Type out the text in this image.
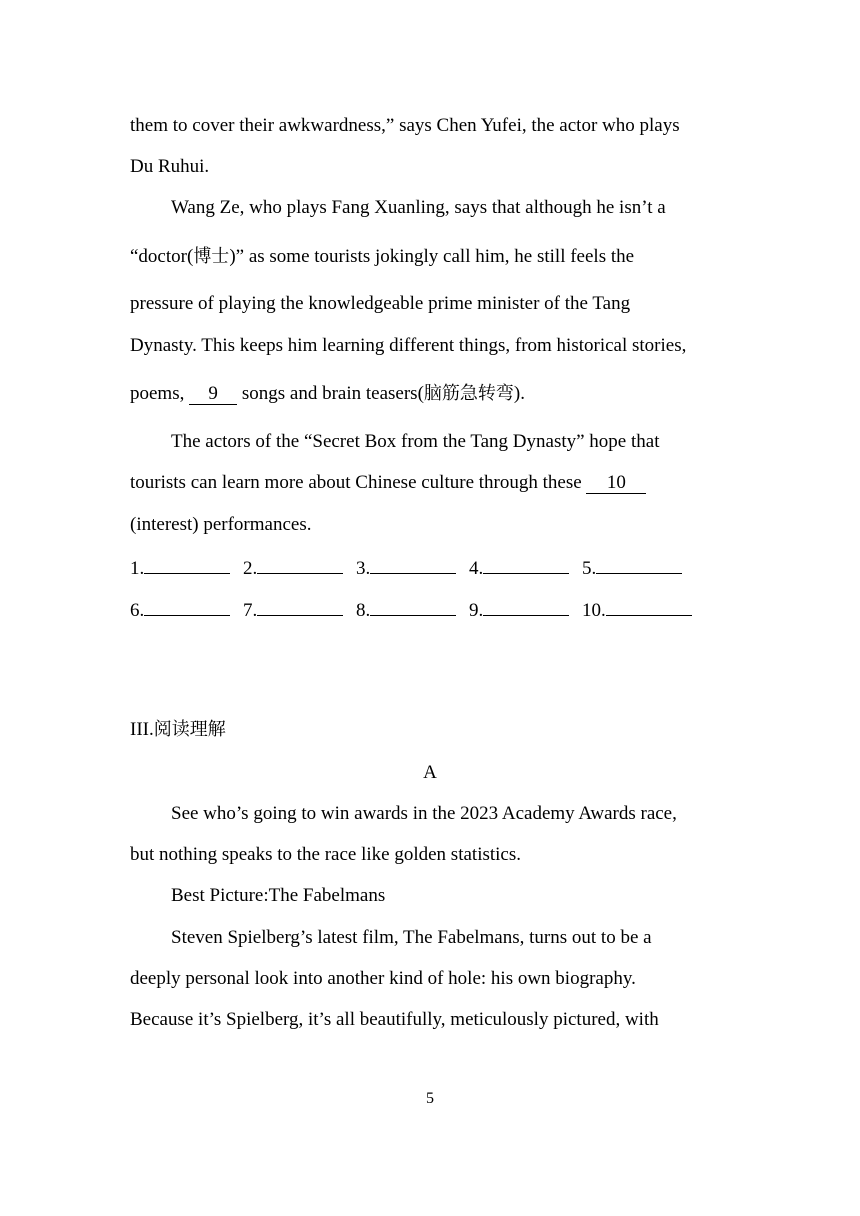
them to cover their awkwardness,” says Chen Yufei, the actor who plays
Du Ruhui.
Wang Ze, who plays Fang Xuanling, says that although he isn’t a
“doctor(博士)” as some tourists jokingly call him, he still feels the
pressure of playing the knowledgeable prime minister of the Tang
Dynasty. This keeps him learning different things, from historical stories,
poems, 9 songs and brain teasers(脑筋急转弯).
The actors of the “Secret Box from the Tang Dynasty” hope that
tourists can learn more about Chinese culture through these 10
(interest) performances.
1.	2.	3.	4.	5.
6.	7.	8.	9.	10.
III.阅读理解
A
See who’s going to win awards in the 2023 Academy Awards race,
but nothing speaks to the race like golden statistics.
Best Picture:The Fabelmans
Steven Spielberg’s latest film, The Fabelmans, turns out to be a
deeply personal look into another kind of hole: his own biography.
Because it’s Spielberg, it’s all beautifully, meticulously pictured, with
5
